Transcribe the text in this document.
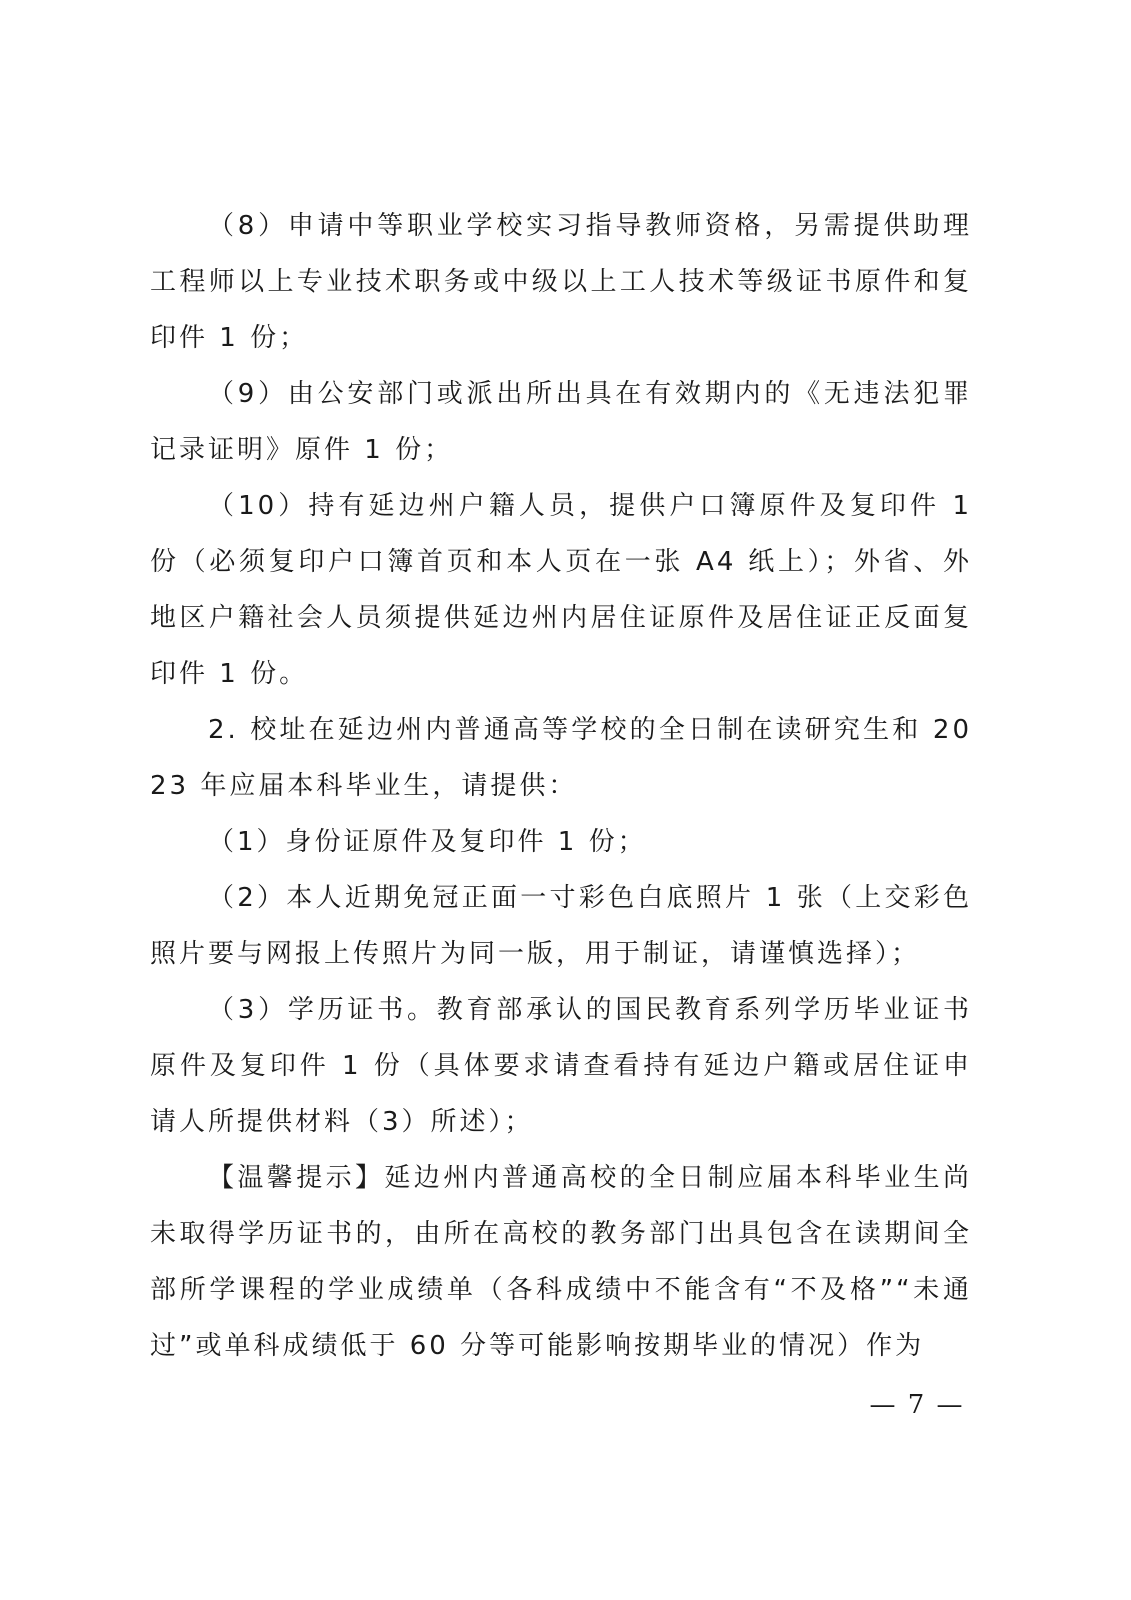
（8）申请中等职业学校实习指导教师资格，另需提供助理工程师以上专业技术职务或中级以上工人技术等级证书原件和复印件 1 份；

（9）由公安部门或派出所出具在有效期内的《无违法犯罪记录证明》原件 1 份；

（10）持有延边州户籍人员，提供户口簿原件及复印件 1 份（必须复印户口簿首页和本人页在一张 A4 纸上）；外省、外地区户籍社会人员须提供延边州内居住证原件及居住证正反面复印件 1 份。

2. 校址在延边州内普通高等学校的全日制在读研究生和 2023 年应届本科毕业生，请提供：

（1）身份证原件及复印件 1 份；

（2）本人近期免冠正面一寸彩色白底照片 1 张（上交彩色照片要与网报上传照片为同一版，用于制证，请谨慎选择）；

（3）学历证书。教育部承认的国民教育系列学历毕业证书原件及复印件 1 份（具体要求请查看持有延边户籍或居住证申请人所提供材料（3）所述）；

【温馨提示】延边州内普通高校的全日制应届本科毕业生尚未取得学历证书的，由所在高校的教务部门出具包含在读期间全部所学课程的学业成绩单（各科成绩中不能含有“不及格”“未通过”或单科成绩低于 60 分等可能影响按期毕业的情况）作为

— 7 —
